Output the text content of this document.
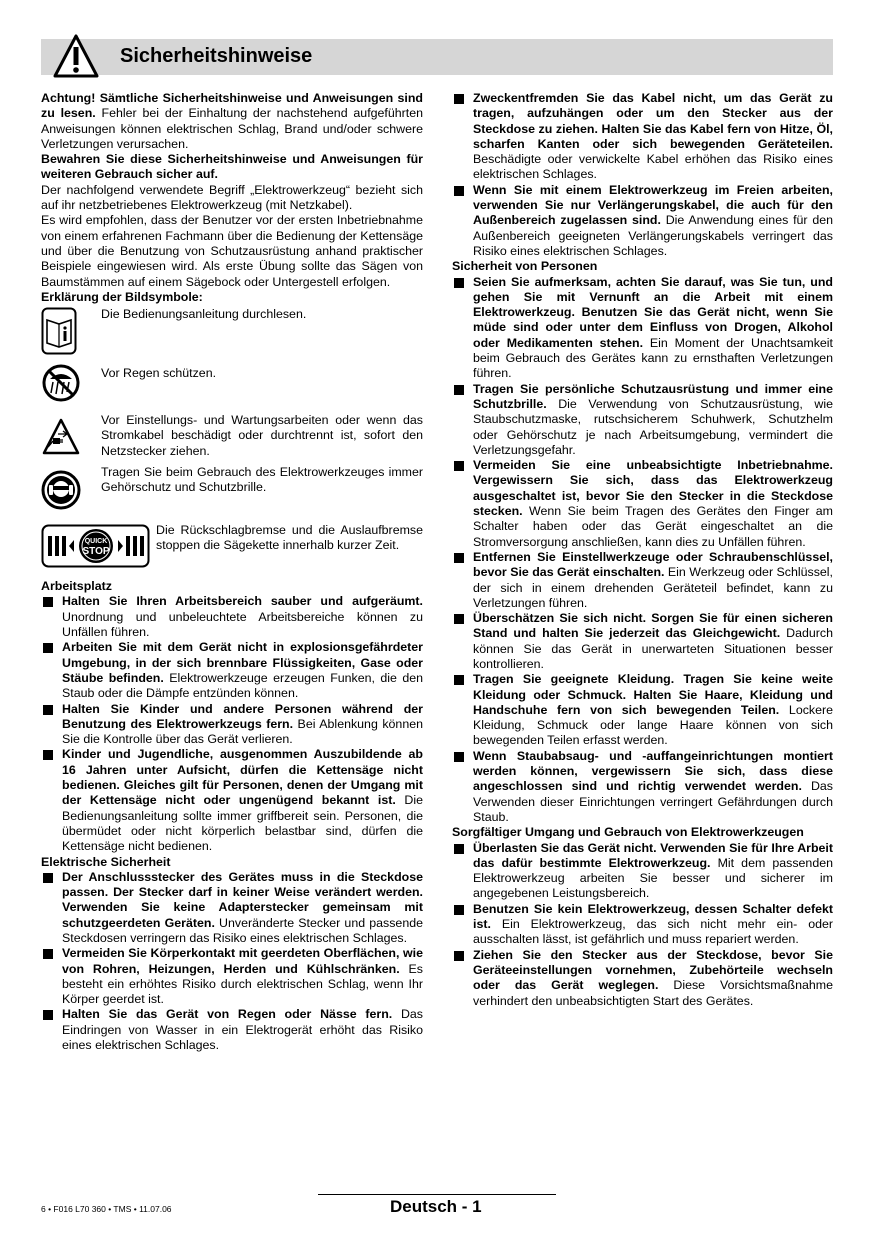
Sicherheitshinweise

Achtung! Sämtliche Sicherheitshinweise und Anweisungen sind zu lesen. Fehler bei der Einhaltung der nachstehend aufgeführten Anweisungen können elektrischen Schlag, Brand und/oder schwere Verletzungen verursachen.

Bewahren Sie diese Sicherheitshinweise und Anweisungen für weiteren Gebrauch sicher auf.

Der nachfolgend verwendete Begriff „Elektrowerkzeug“ bezieht sich auf ihr netzbetriebenes Elektrowerkzeug (mit Netzkabel).

Es wird empfohlen, dass der Benutzer vor der ersten Inbetriebnahme von einem erfahrenen Fachmann über die Bedienung der Kettensäge und über die Benutzung von Schutzausrüstung anhand praktischer Beispiele eingewiesen wird. Als erste Übung sollte das Sägen von Baumstämmen auf einem Sägebock oder Untergestell erfolgen.

Erklärung der Bildsymbole:

Die Bedienungsanleitung durchlesen.

Vor Regen schützen.

Vor Einstellungs- und Wartungsarbeiten oder wenn das Stromkabel beschädigt oder durchtrennt ist, sofort den Netzstecker ziehen.

Tragen Sie beim Gebrauch des Elektrowerkzeuges immer Gehörschutz und Schutzbrille.

QUICK
STOP

Die Rückschlagbremse und die Auslaufbremse stoppen die Sägekette innerhalb kurzer Zeit.

Arbeitsplatz

Halten Sie Ihren Arbeitsbereich sauber und aufgeräumt. Unordnung und unbeleuchtete Arbeitsbereiche können zu Unfällen führen.

Arbeiten Sie mit dem Gerät nicht in explosionsgefährdeter Umgebung, in der sich brennbare Flüssigkeiten, Gase oder Stäube befinden. Elektrowerkzeuge erzeugen Funken, die den Staub oder die Dämpfe entzünden können.

Halten Sie Kinder und andere Personen während der Benutzung des Elektrowerkzeugs fern. Bei Ablenkung können Sie die Kontrolle über das Gerät verlieren.

Kinder und Jugendliche, ausgenommen Auszubildende ab 16 Jahren unter Aufsicht, dürfen die Kettensäge nicht bedienen. Gleiches gilt für Personen, denen der Umgang mit der Kettensäge nicht oder ungenügend bekannt ist. Die Bedienungsanleitung sollte immer griffbereit sein. Personen, die übermüdet oder nicht körperlich belastbar sind, dürfen die Kettensäge nicht bedienen.

Elektrische Sicherheit

Der Anschlussstecker des Gerätes muss in die Steckdose passen. Der Stecker darf in keiner Weise verändert werden. Verwenden Sie keine Adapterstecker gemeinsam mit schutzgeerdeten Geräten. Unveränderte Stecker und passende Steckdosen verringern das Risiko eines elektrischen Schlages.

Vermeiden Sie Körperkontakt mit geerdeten Oberflächen, wie von Rohren, Heizungen, Herden und Kühlschränken. Es besteht ein erhöhtes Risiko durch elektrischen Schlag, wenn Ihr Körper geerdet ist.

Halten Sie das Gerät von Regen oder Nässe fern. Das Eindringen von Wasser in ein Elektrogerät erhöht das Risiko eines elektrischen Schlages.

Zweckentfremden Sie das Kabel nicht, um das Gerät zu tragen, aufzuhängen oder um den Stecker aus der Steckdose zu ziehen. Halten Sie das Kabel fern von Hitze, Öl, scharfen Kanten oder sich bewegenden Geräteteilen. Beschädigte oder verwickelte Kabel erhöhen das Risiko eines elektrischen Schlages.

Wenn Sie mit einem Elektrowerkzeug im Freien arbeiten, verwenden Sie nur Verlängerungskabel, die auch für den Außenbereich zugelassen sind. Die Anwendung eines für den Außenbereich geeigneten Verlängerungskabels verringert das Risiko eines elektrischen Schlages.

Sicherheit von Personen

Seien Sie aufmerksam, achten Sie darauf, was Sie tun, und gehen Sie mit Vernunft an die Arbeit mit einem Elektrowerkzeug. Benutzen Sie das Gerät nicht, wenn Sie müde sind oder unter dem Einfluss von Drogen, Alkohol oder Medikamenten stehen. Ein Moment der Unachtsamkeit beim Gebrauch des Gerätes kann zu ernsthaften Verletzungen führen.

Tragen Sie persönliche Schutzausrüstung und immer eine Schutzbrille. Die Verwendung von Schutzausrüstung, wie Staubschutzmaske, rutschsicherem Schuhwerk, Schutzhelm oder Gehörschutz je nach Arbeitsumgebung, vermindert die Verletzungsgefahr.

Vermeiden Sie eine unbeabsichtigte Inbetriebnahme. Vergewissern Sie sich, dass das Elektrowerkzeug ausgeschaltet ist, bevor Sie den Stecker in die Steckdose stecken. Wenn Sie beim Tragen des Gerätes den Finger am Schalter haben oder das Gerät eingeschaltet an die Stromversorgung anschließen, kann dies zu Unfällen führen.

Entfernen Sie Einstellwerkzeuge oder Schraubenschlüssel, bevor Sie das Gerät einschalten. Ein Werkzeug oder Schlüssel, der sich in einem drehenden Geräteteil befindet, kann zu Verletzungen führen.

Überschätzen Sie sich nicht. Sorgen Sie für einen sicheren Stand und halten Sie jederzeit das Gleichgewicht. Dadurch können Sie das Gerät in unerwarteten Situationen besser kontrollieren.

Tragen Sie geeignete Kleidung. Tragen Sie keine weite Kleidung oder Schmuck. Halten Sie Haare, Kleidung und Handschuhe fern von sich bewegenden Teilen. Lockere Kleidung, Schmuck oder lange Haare können von sich bewegenden Teilen erfasst werden.

Wenn Staubabsaug- und -auffangeinrichtungen montiert werden können, vergewissern Sie sich, dass diese angeschlossen sind und richtig verwendet werden. Das Verwenden dieser Einrichtungen verringert Gefährdungen durch Staub.

Sorgfältiger Umgang und Gebrauch von Elektrowerkzeugen

Überlasten Sie das Gerät nicht. Verwenden Sie für Ihre Arbeit das dafür bestimmte Elektrowerkzeug. Mit dem passenden Elektrowerkzeug arbeiten Sie besser und sicherer im angegebenen Leistungsbereich.

Benutzen Sie kein Elektrowerkzeug, dessen Schalter defekt ist. Ein Elektrowerkzeug, das sich nicht mehr ein- oder ausschalten lässt, ist gefährlich und muss repariert werden.

Ziehen Sie den Stecker aus der Steckdose, bevor Sie Geräteeinstellungen vornehmen, Zubehörteile wechseln oder das Gerät weglegen. Diese Vorsichtsmaßnahme verhindert den unbeabsichtigten Start des Gerätes.

6 • F016 L70 360 • TMS • 11.07.06	Deutsch - 1
